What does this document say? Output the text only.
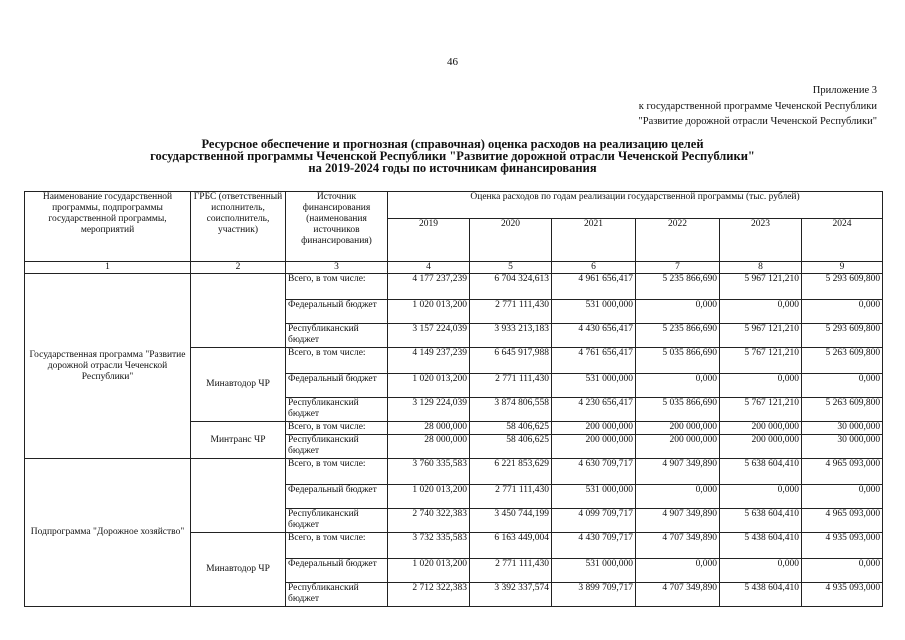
46
Приложение 3
к государственной программе Чеченской Республики
"Развитие дорожной отрасли Чеченской Республики"
Ресурсное обеспечение и прогнозная (справочная) оценка расходов на реализацию целей
государственной программы Чеченской Республики "Развитие дорожной отрасли Чеченской Республики"
на 2019-2024 годы по источникам финансирования
Наименование государственной программы, подпрограммы государственной программы, мероприятий	ГРБС (ответственный исполнитель, соисполнитель, участник)	Источник финансирования (наименования источников финансирования)	Оценка расходов по годам реализации государственной программы (тыс. рублей)					
			2019	2020	2021	2022	2023	2024
1	2	3	4	5	6	7	8	9
Государственная программа "Развитие дорожной отрасли Чеченской Республики"		Всего, в том числе:	4 177 237,239	6 704 324,613	4 961 656,417	5 235 866,690	5 967 121,210	5 293 609,800
		Федеральный бюджет	1 020 013,200	2 771 111,430	531 000,000	0,000	0,000	0,000
		Республиканский бюджет	3 157 224,039	3 933 213,183	4 430 656,417	5 235 866,690	5 967 121,210	5 293 609,800
	Минавтодор ЧР	Всего, в том числе:	4 149 237,239	6 645 917,988	4 761 656,417	5 035 866,690	5 767 121,210	5 263 609,800
		Федеральный бюджет	1 020 013,200	2 771 111,430	531 000,000	0,000	0,000	0,000
		Республиканский бюджет	3 129 224,039	3 874 806,558	4 230 656,417	5 035 866,690	5 767 121,210	5 263 609,800
	Минтранс ЧР	Всего, в том числе:	28 000,000	58 406,625	200 000,000	200 000,000	200 000,000	30 000,000
		Республиканский бюджет	28 000,000	58 406,625	200 000,000	200 000,000	200 000,000	30 000,000
Подпрограмма "Дорожное хозяйство"		Всего, в том числе:	3 760 335,583	6 221 853,629	4 630 709,717	4 907 349,890	5 638 604,410	4 965 093,000
		Федеральный бюджет	1 020 013,200	2 771 111,430	531 000,000	0,000	0,000	0,000
		Республиканский бюджет	2 740 322,383	3 450 744,199	4 099 709,717	4 907 349,890	5 638 604,410	4 965 093,000
	Минавтодор ЧР	Всего, в том числе:	3 732 335,583	6 163 449,004	4 430 709,717	4 707 349,890	5 438 604,410	4 935 093,000
		Федеральный бюджет	1 020 013,200	2 771 111,430	531 000,000	0,000	0,000	0,000
		Республиканский бюджет	2 712 322,383	3 392 337,574	3 899 709,717	4 707 349,890	5 438 604,410	4 935 093,000
